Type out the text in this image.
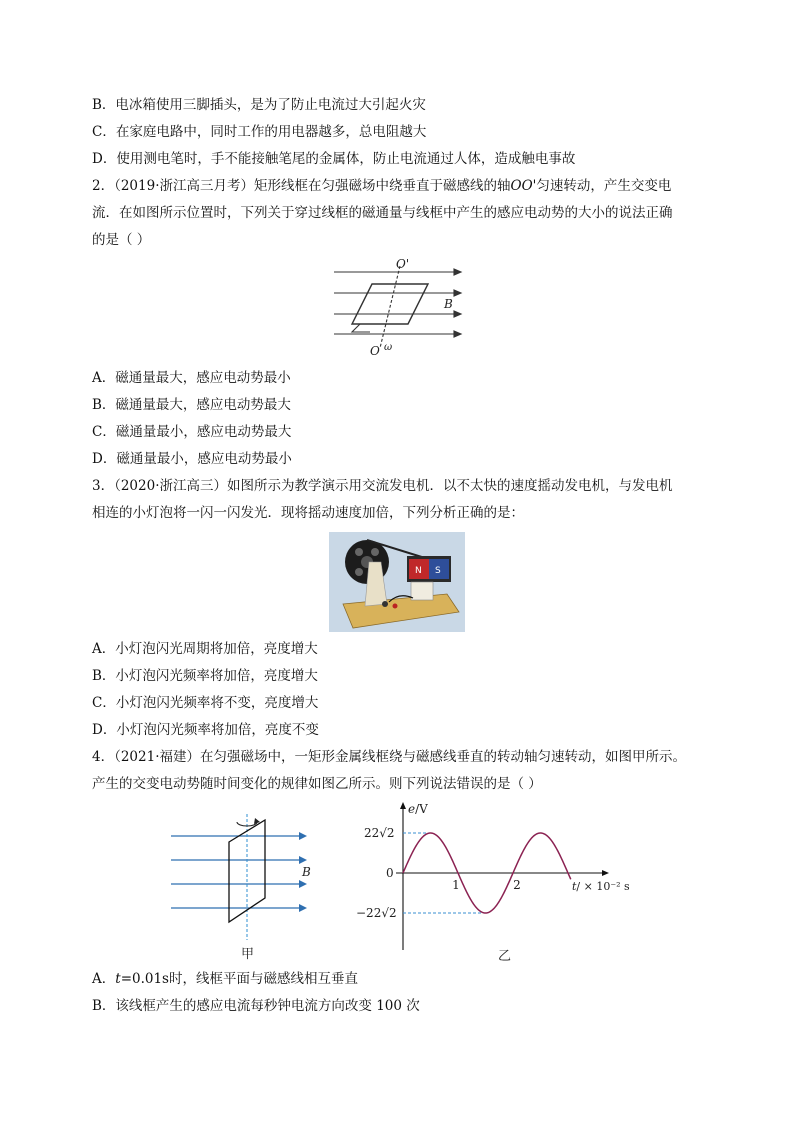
B．电冰箱使用三脚插头，是为了防止电流过大引起火灾
C．在家庭电路中，同时工作的用电器越多，总电阻越大
D．使用测电笔时，手不能接触笔尾的金属体，防止电流通过人体，造成触电事故
2．（2019·浙江高三月考）矩形线框在匀强磁场中绕垂直于磁感线的轴OO'匀速转动，产生交变电
流．在如图所示位置时，下列关于穿过线框的磁通量与线框中产生的感应电动势的大小的说法正确
的是（ ）
O'
B
O ω
A．磁通量最大，感应电动势最小
B．磁通量最大，感应电动势最大
C．磁通量最小，感应电动势最大
D．磁通量最小，感应电动势最小
3．（2020·浙江高三）如图所示为教学演示用交流发电机．以不太快的速度摇动发电机，与发电机
相连的小灯泡将一闪一闪发光．现将摇动速度加倍，下列分析正确的是：
N S
A．小灯泡闪光周期将加倍，亮度增大
B．小灯泡闪光频率将加倍，亮度增大
C．小灯泡闪光频率将不变，亮度增大
D．小灯泡闪光频率将加倍，亮度不变
4．（2021·福建）在匀强磁场中，一矩形金属线框绕与磁感线垂直的转动轴匀速转动，如图甲所示。
产生的交变电动势随时间变化的规律如图乙所示。则下列说法错误的是（ ）
B
甲
e/V
t/ × 10⁻² s
22√2
0
−22√2
1	2
乙
A．t=0.01s时，线框平面与磁感线相互垂直
B．该线框产生的感应电流每秒钟电流方向改变 100 次
